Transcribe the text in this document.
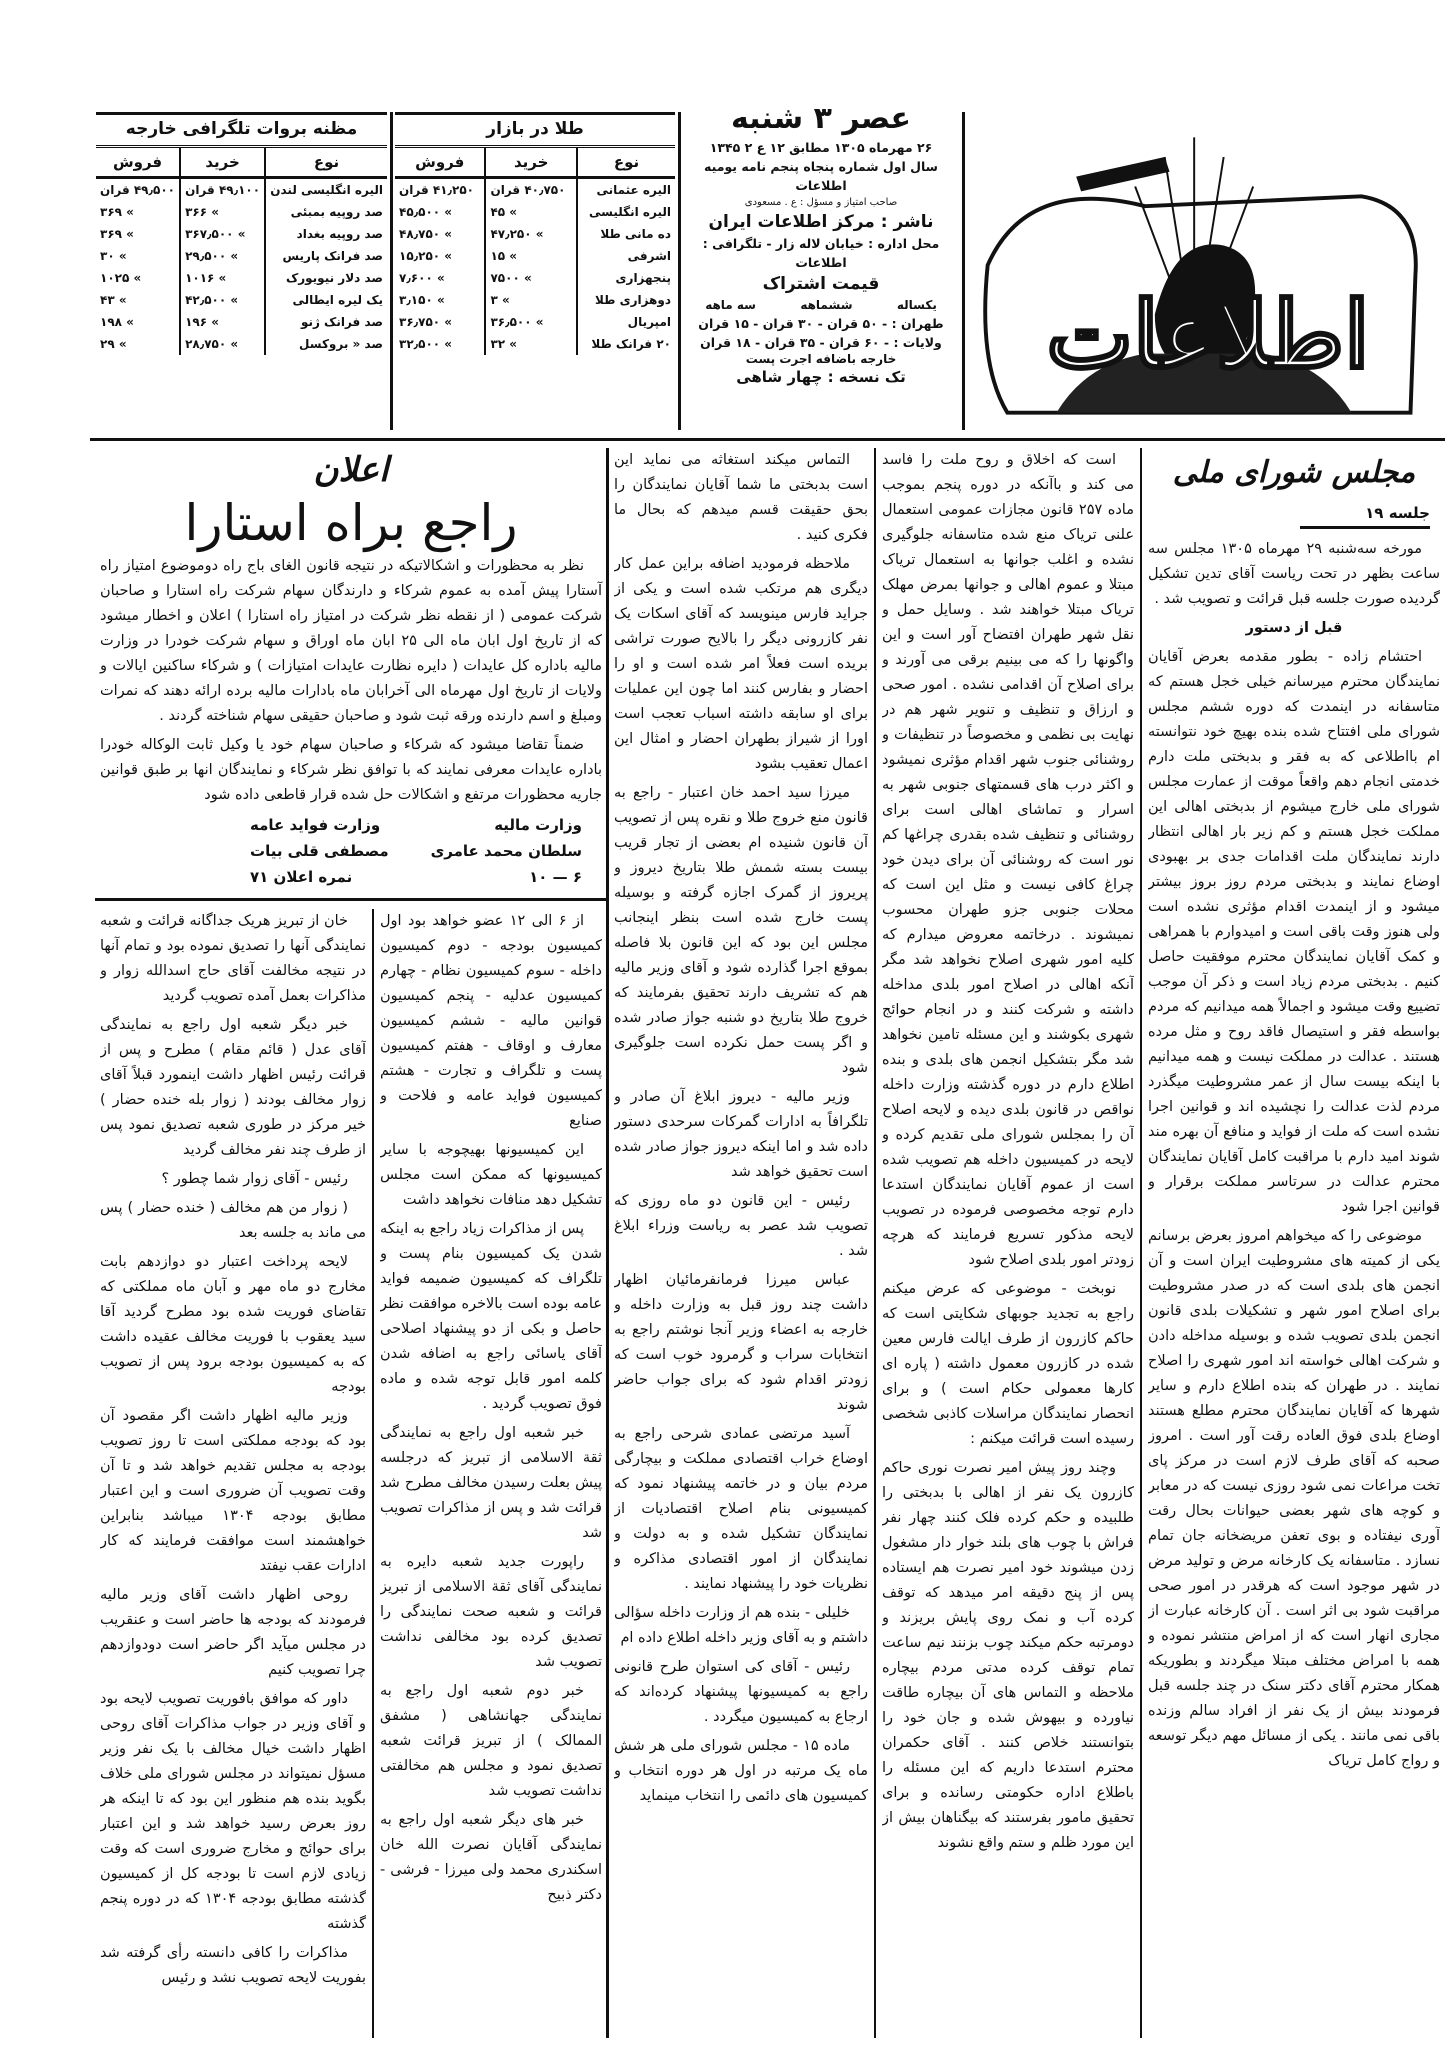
اطلاعات
عصر ۳ شنبه
۲۶ مهرماه ۱۳۰۵ مطابق ۱۲ ع ۲ ۱۳۴۵
سال اول شماره پنجاه پنجم نامه یومیه اطلاعات
صاحب امتیاز و مسؤل : ع . مسعودی
ناشر : مرکز اطلاعات ایران
محل اداره : خیابان لاله زار - تلگرافی : اطلاعات
قیمت اشتراک
یکساله
ششماهه
سه ماهه
طهران : - ۵۰ قران - ۳۰ قران - ۱۵ قران
ولایات : - ۶۰ قران - ۳۵ قران - ۱۸ قران
خارجه باضافه اجرت پست
تک نسخه : چهار شاهی
طلا در بازار
نوع	خرید	فروش
الیره عثمانی	۴۰٫۷۵۰ قران	۴۱٫۲۵۰ قران
الیره انگلیسی	» ۴۵	» ۴۵٫۵۰۰
ده مانی طلا	» ۴۷٫۲۵۰	» ۴۸٫۷۵۰
اشرفی	» ۱۵	» ۱۵٫۲۵۰
پنجهزاری	» ۷۵۰۰	» ۷٫۶۰۰
دوهزاری طلا	» ۳	» ۳٫۱۵۰
امپریال	» ۳۶٫۵۰۰	» ۳۶٫۷۵۰
۲۰ فرانک طلا	» ۳۲	» ۳۲٫۵۰۰
مظنه بروات تلگرافی خارجه
نوع	خرید	فروش
الیره انگلیسی لندن	۴۹٫۱۰۰ قران	۴۹٫۵۰۰ قران
صد روپیه بمبئی	» ۳۶۶	» ۳۶۹
صد روپیه بغداد	» ۳۶۷٫۵۰۰	» ۳۶۹
صد فرانک پاریس	» ۲۹٫۵۰۰	» ۳۰
صد دلار نیویورک	» ۱۰۱۶	» ۱۰۲۵
یک لیره ایطالی	» ۴۲٫۵۰۰	» ۴۳
صد فرانک ژنو	» ۱۹۶	» ۱۹۸
صد « بروکسل	» ۲۸٫۷۵۰	» ۲۹
مجلس شورای ملی
جلسه ۱۹

مورخه سه‌شنبه ۲۹ مهرماه ۱۳۰۵ مجلس سه ساعت بظهر در تحت ریاست آقای تدین تشکیل گردیده صورت جلسه قبل قرائت و تصویب شد .

قبل از دستور

احتشام زاده - بطور مقدمه بعرض آقایان نمایندگان محترم میرسانم خیلی خجل هستم که متاسفانه در اینمدت که دوره ششم مجلس شورای ملی افتتاح شده بنده بهیچ خود نتوانسته ام بااطلاعی که به فقر و بدبختی ملت دارم خدمتی انجام دهم واقعاً موقت از عمارت مجلس شورای ملی خارج میشوم از بدبختی اهالی این مملکت خجل هستم و کم زیر بار اهالی انتظار دارند نمایندگان ملت اقدامات جدی بر بهبودی اوضاع نمایند و بدبختی مردم روز بروز بیشتر میشود و از اینمدت اقدام مؤثری نشده است ولی هنوز وقت باقی است و امیدوارم با همراهی و کمک آقایان نمایندگان محترم موفقیت حاصل کنیم . بدبختی مردم زیاد است و ذکر آن موجب تضییع وقت میشود و اجمالاً همه میدانیم که مردم بواسطه فقر و استیصال فاقد روح و مثل مرده هستند . عدالت در مملکت نیست و همه میدانیم با اینکه بیست سال از عمر مشروطیت میگذرد مردم لذت عدالت را نچشیده اند و قوانین اجرا نشده است که ملت از فواید و منافع آن بهره مند شوند امید دارم با مراقبت کامل آقایان نمایندگان محترم عدالت در سرتاسر مملکت برقرار و قوانین اجرا شود

موضوعی را که میخواهم امروز بعرض برسانم یکی از کمیته های مشروطیت ایران است و آن انجمن های بلدی است که در صدر مشروطیت برای اصلاح امور شهر و تشکیلات بلدی قانون انجمن بلدی تصویب شده و بوسیله مداخله دادن و شرکت اهالی خواسته اند امور شهری را اصلاح نمایند . در طهران که بنده اطلاع دارم و سایر شهرها که آقایان نمایندگان محترم مطلع هستند اوضاع بلدی فوق العاده رقت آور است . امروز صحبه که آقای طرف لازم است در مرکز پای تخت مراعات نمی شود روزی نیست که در معابر و کوچه های شهر بعضی حیوانات بحال رقت آوری نیفتاده و بوی تعفن مریضخانه جان تمام نسازد . متاسفانه یک کارخانه مرض و تولید مرض در شهر موجود است که هرقدر در امور صحی مراقبت شود بی اثر است . آن کارخانه عبارت از مجاری انهار است که از امراض منتشر نموده و همه با امراض مختلف مبتلا میگردند و بطوریکه همکار محترم آقای دکتر سنک در چند جلسه قبل فرمودند بیش از یک نفر از افراد سالم وزنده باقی نمی مانند . یکی از مسائل مهم دیگر توسعه و رواج کامل تریاک

است که اخلاق و روح ملت را فاسد می کند و باآنکه در دوره پنجم بموجب ماده ۲۵۷ قانون مجازات عمومی استعمال علنی تریاک منع شده متاسفانه جلوگیری نشده و اغلب جوانها به استعمال تریاک مبتلا و عموم اهالی و جوانها بمرض مهلک تریاک مبتلا خواهند شد . وسایل حمل و نقل شهر طهران افتضاح آور است و این واگونها را که می بینیم برقی می آورند و برای اصلاح آن اقدامی نشده . امور صحی و ارزاق و تنظیف و تنویر شهر هم در نهایت بی نظمی و مخصوصاً در تنظیفات و روشنائی جنوب شهر اقدام مؤثری نمیشود و اکثر درب های قسمتهای جنوبی شهر به اسرار و تماشای اهالی است برای روشنائی و تنظیف شده بقدری چراغها کم نور است که روشنائی آن برای دیدن خود چراغ کافی نیست و مثل این است که محلات جنوبی جزو طهران محسوب نمیشوند . درخاتمه معروض میدارم که کلیه امور شهری اصلاح نخواهد شد مگر آنکه اهالی در اصلاح امور بلدی مداخله داشته و شرکت کنند و در انجام حوائج شهری بکوشند و این مسئله تامین نخواهد شد مگر بتشکیل انجمن های بلدی و بنده اطلاع دارم در دوره گذشته وزارت داخله نواقص در قانون بلدی دیده و لایحه اصلاح آن را بمجلس شورای ملی تقدیم کرده و لایحه در کمیسیون داخله هم تصویب شده است از عموم آقایان نمایندگان استدعا دارم توجه مخصوصی فرموده در تصویب لایحه مذکور تسریع فرمایند که هرچه زودتر امور بلدی اصلاح شود

نوبخت - موضوعی که عرض میکنم راجع به تجدید جوبهای شکایتی است که حاکم کازرون از طرف ایالت فارس معین شده در کازرون معمول داشته ( پاره ای کارها معمولی حکام است ) و برای انحصار نمایندگان مراسلات کاذبی شخصی رسیده است قرائت میکنم :

وچند روز پیش امیر نصرت نوری حاکم کازرون یک نفر از اهالی با بدبختی را طلبیده و حکم کرده فلک کنند چهار نفر فراش با چوب های بلند خوار دار مشغول زدن میشوند خود امیر نصرت هم ایستاده پس از پنج دقیقه امر میدهد که توقف کرده آب و نمک روی پایش بریزند و دومرتبه حکم میکند چوب بزنند نیم ساعت تمام توقف کرده مدتی مردم بیچاره ملاحظه و التماس های آن بیچاره طاقت نیاورده و بیهوش شده و جان خود را بتوانستند خلاص کنند . آقای حکمران محترم استدعا داریم که این مسئله را باطلاع اداره حکومتی رسانده و برای تحقیق مامور بفرستند که بیگناهان بیش از این مورد ظلم و ستم واقع نشوند

التماس میکند استغاثه می نماید این است بدبختی ما شما آقایان نمایندگان را بحق حقیقت قسم میدهم که بحال ما فکری کنید .

ملاحظه فرمودید اضافه براین عمل کار دیگری هم مرتکب شده است و یکی از جراید فارس مینویسد که آقای اسکات یک نفر کازرونی دیگر را بالایح صورت تراشی بریده است فعلاً امر شده است و او را احضار و بفارس کنند اما چون این عملیات برای او سابقه داشته اسباب تعجب است اورا از شیراز بطهران احضار و امثال این اعمال تعقیب بشود

میرزا سید احمد خان اعتبار - راجع به قانون منع خروج طلا و نقره پس از تصویب آن قانون شنیده ام بعضی از تجار قریب بیست بسته شمش طلا بتاریخ دیروز و پریروز از گمرک اجازه گرفته و بوسیله پست خارج شده است بنظر اینجانب مجلس این بود که این قانون بلا فاصله بموقع اجرا گذارده شود و آقای وزیر مالیه هم که تشریف دارند تحقیق بفرمایند که خروج طلا بتاریخ دو شنبه جواز صادر شده و اگر پست حمل نکرده است جلوگیری شود

وزیر مالیه - دیروز ابلاغ آن صادر و تلگرافاً به ادارات گمرکات سرحدی دستور داده شد و اما اینکه دیروز جواز صادر شده است تحقیق خواهد شد

رئیس - این قانون دو ماه روزی که تصویب شد عصر به ریاست وزراء ابلاغ شد .

عباس میرزا فرمانفرمائیان اظهار داشت چند روز قبل به وزارت داخله و خارجه به اعضاء وزیر آنجا نوشتم راجع به انتخابات سراب و گرمرود خوب است که زودتر اقدام شود که برای جواب حاضر شوند

آسید مرتضی عمادی شرحی راجع به اوضاع خراب اقتصادی مملکت و بیچارگی مردم بیان و در خاتمه پیشنهاد نمود که کمیسیونی بنام اصلاح اقتصادیات از نمایندگان تشکیل شده و به دولت و نمایندگان از امور اقتصادی مذاکره و نظریات خود را پیشنهاد نمایند .

خلیلی - بنده هم از وزارت داخله سؤالی داشتم و به آقای وزیر داخله اطلاع داده ام

رئیس - آقای کی استوان طرح قانونی راجع به کمیسیونها پیشنهاد کرده‌اند که ارجاع به کمیسیون میگردد .

ماده ۱۵ - مجلس شورای ملی هر شش ماه یک مرتبه در اول هر دوره انتخاب و کمیسیون های دائمی را انتخاب مینماید

اعلان
راجع براه استارا

نظر به محظورات و اشکالاتیکه در نتیجه قانون الغای باج راه دوموضوع امتیاز راه آستارا پیش آمده به عموم شرکاء و دارندگان سهام شرکت راه استارا و صاحبان شرکت عمومی ( از نقطه نظر شرکت در امتیاز راه استارا ) اعلان و اخطار میشود که از تاریخ اول ابان ماه الی ۲۵ ابان ماه اوراق و سهام شرکت خودرا در وزارت مالیه باداره کل عایدات ( دایره نظارت عایدات امتیازات ) و شرکاء ساکنین ایالات و ولایات از تاریخ اول مهرماه الی آخرابان ماه بادارات مالیه برده ارائه دهند که نمرات ومبلغ و اسم دارنده ورقه ثبت شود و صاحبان حقیقی سهام شناخته گردند .

ضمناً تقاضا میشود که شرکاء و صاحبان سهام خود یا وکیل ثابت الوکاله خودرا باداره عایدات معرفی نمایند که با توافق نظر شرکاء و نمایندگان انها بر طبق قوانین جاریه محظورات مرتفع و اشکالات حل شده قرار قاطعی داده شود

وزارت مالیه
وزارت فواید عامه
سلطان محمد عامری
مصطفی قلی بیات
۶ — ۱۰
نمره اعلان ۷۱

از ۶ الی ۱۲ عضو خواهد بود اول کمیسیون بودجه - دوم کمیسیون داخله - سوم کمیسیون نظام - چهارم کمیسیون عدلیه - پنجم کمیسیون قوانین مالیه - ششم کمیسیون معارف و اوقاف - هفتم کمیسیون پست و تلگراف و تجارت - هشتم کمیسیون فواید عامه و فلاحت و صنایع

این کمیسیونها بهیچوجه با سایر کمیسیونها که ممکن است مجلس تشکیل دهد منافات نخواهد داشت

پس از مذاکرات زیاد راجع به اینکه شدن یک کمیسیون بنام پست و تلگراف که کمیسیون ضمیمه فواید عامه بوده است بالاخره موافقت نظر حاصل و بکی از دو پیشنهاد اصلاحی آقای یاسائی راجع به اضافه شدن کلمه امور قابل توجه شده و ماده فوق تصویب گردید .

خبر شعبه اول راجع به نمایندگی ثقة الاسلامی از تبریز که درجلسه پیش بعلت رسیدن مخالف مطرح شد قرائت شد و پس از مذاکرات تصویب شد

راپورت جدید شعبه دایره به نمایندگی آقای ثقة الاسلامی از تبریز قرائت و شعبه صحت نمایندگی را تصدیق کرده بود مخالفی نداشت تصویب شد

خبر دوم شعبه اول راجع به نمایندگی جهانشاهی ( مشفق الممالک ) از تبریز قرائت شعبه تصدیق نمود و مجلس هم مخالفتی نداشت تصویب شد

خبر های دیگر شعبه اول راجع به نمایندگی آقایان نصرت الله خان اسکندری محمد ولی میرزا - فرشی - دکتر ذبیح

خان از تبریز هریک جداگانه قرائت و شعبه نمایندگی آنها را تصدیق نموده بود و تمام آنها در نتیجه مخالفت آقای حاج اسدالله زوار و مذاکرات بعمل آمده تصویب گردید

خبر دیگر شعبه اول راجع به نمایندگی آقای عدل ( قائم مقام ) مطرح و پس از قرائت رئیس اظهار داشت اینمورد قبلاً آقای زوار مخالف بودند ( زوار بله خنده حضار ) خیر مرکز در طوری شعبه تصدیق نمود پس از طرف چند نفر مخالف گردید

رئیس - آقای زوار شما چطور ؟

( زوار من هم مخالف ( خنده حضار ) پس می ماند به جلسه بعد

لایحه پرداخت اعتبار دو دوازدهم بابت مخارج دو ماه مهر و آبان ماه مملکتی که تقاضای فوریت شده بود مطرح گردید آقا سید یعقوب با فوریت مخالف عقیده داشت که به کمیسیون بودجه برود پس از تصویب بودجه

وزیر مالیه اظهار داشت اگر مقصود آن بود که بودجه مملکتی است تا روز تصویب بودجه به مجلس تقدیم خواهد شد و تا آن وقت تصویب آن ضروری است و این اعتبار مطابق بودجه ۱۳۰۴ میباشد بنابراین خواهشمند است موافقت فرمایند که کار ادارات عقب نیفتد

روحی اظهار داشت آقای وزیر مالیه فرمودند که بودجه ها حاضر است و عنقریب در مجلس میآید اگر حاضر است دودوازدهم چرا تصویب کنیم

داور که موافق بافوریت تصویب لایحه بود و آقای وزیر در جواب مذاکرات آقای روحی اظهار داشت خیال مخالف با یک نفر وزیر مسؤل نمیتواند در مجلس شورای ملی خلاف بگوید بنده هم منظور این بود که تا اینکه هر روز بعرض رسید خواهد شد و این اعتبار برای حوائج و مخارج ضروری است که وقت زیادی لازم است تا بودجه کل از کمیسیون گذشته مطابق بودجه ۱۳۰۴ که در دوره پنجم گذشته

مذاکرات را کافی دانسته رأی گرفته شد بفوریت لایحه تصویب نشد و رئیس
